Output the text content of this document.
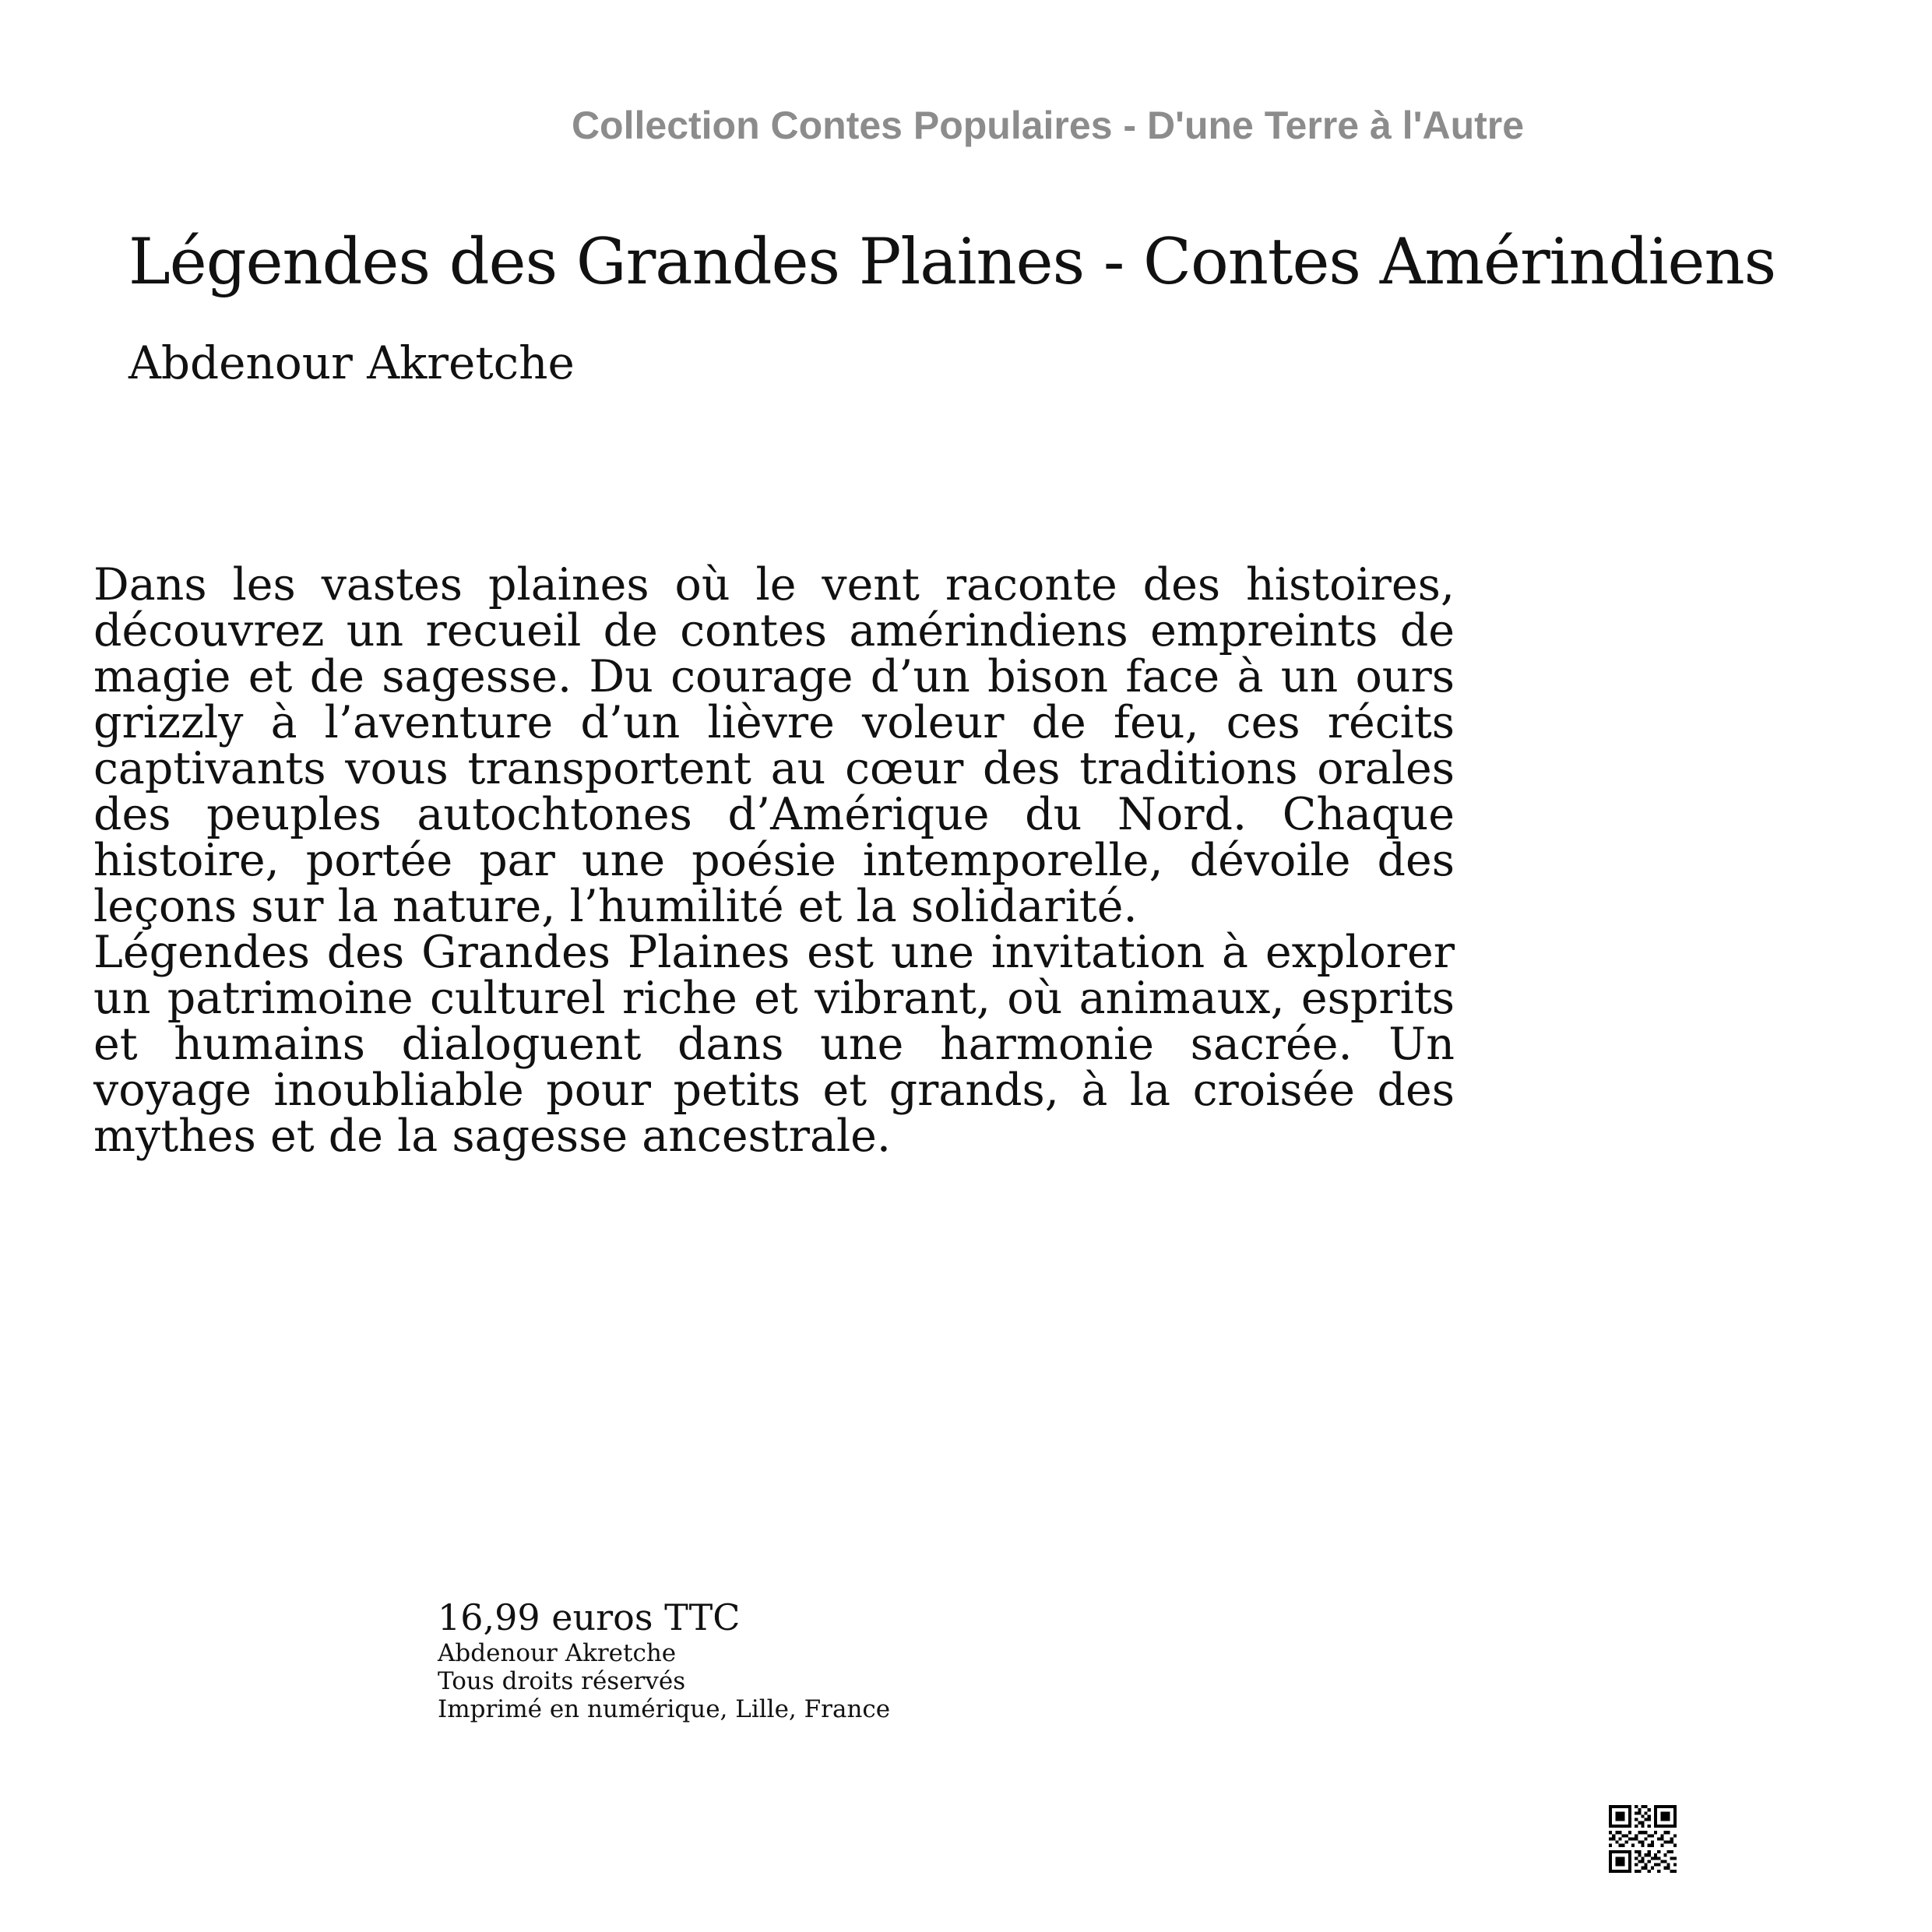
Collection Contes Populaires - D'une Terre à l'Autre
Légendes des Grandes Plaines - Contes Amérindiens
Abdenour Akretche

Dans les vastes plaines où le vent raconte des histoires, découvrez un recueil de contes amérindiens empreints de magie et de sagesse. Du courage d’un bison face à un ours grizzly à l’aventure d’un lièvre voleur de feu, ces récits captivants vous transportent au cœur des traditions orales des peuples autochtones d’Amérique du Nord. Chaque histoire, portée par une poésie intemporelle, dévoile des leçons sur la nature, l’humilité et la solidarité.

Légendes des Grandes Plaines est une invitation à explorer un patrimoine culturel riche et vibrant, où animaux, esprits et humains dialoguent dans une harmonie sacrée. Un voyage inoubliable pour petits et grands, à la croisée des mythes et de la sagesse ancestrale.

16,99 euros TTC
Abdenour Akretche
Tous droits réservés
Imprimé en numérique, Lille, France
